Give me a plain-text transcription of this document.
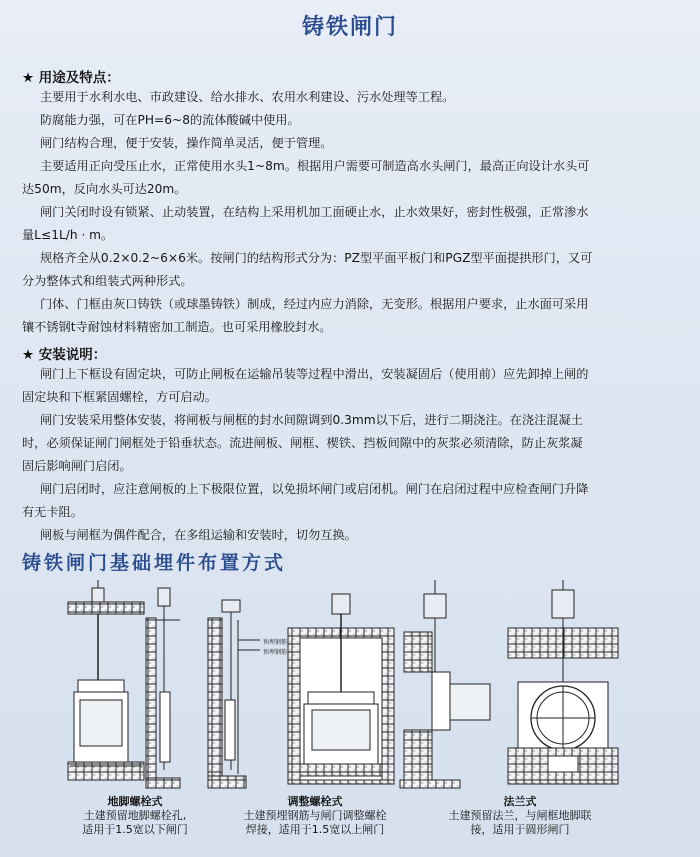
铸铁闸门
★ 用途及特点：
主要用于水利水电、市政建设、给水排水、农用水利建设、污水处理等工程。
防腐能力强，可在PH=6~8的流体酸碱中使用。
闸门结构合理，便于安装，操作简单灵活，便于管理。
主要适用正向受压止水，正常使用水头1~8m。根据用户需要可制造高水头闸门，最高正向设计水头可
达50m，反向水头可达20m。
闸门关闭时设有锁紧、止动装置，在结构上采用机加工面硬止水，止水效果好，密封性极强，正常渗水
量L≤1L/h · m。
规格齐全从0.2×0.2~6×6米。按闸门的结构形式分为：PZ型平面平板门和PGZ型平面提拱形门，又可
分为整体式和组装式两种形式。
门体、门框由灰口铸铁（或球墨铸铁）制成，经过内应力消除，无变形。根据用户要求，止水面可采用
镶不锈钢t寺耐蚀材料精密加工制造。也可采用橡胶封水。
★ 安装说明：
闸门上下框设有固定块，可防止闸板在运输吊装等过程中滑出，安装凝固后（使用前）应先卸掉上闸的
固定块和下框紧固螺栓，方可启动。
闸门安装采用整体安装，将闸板与闸框的封水间隙调到0.3mm以下后，进行二期浇注。在浇注混凝土
时，必须保证闸门闸框处于铅垂状态。流进闸板、闸框、楔铁、挡板间隙中的灰浆必须清除，防止灰浆凝
固后影响闸门启闭。
闸门启闭时，应注意闸板的上下极限位置，以免损坏闸门或启闭机。闸门在启闭过程中应检查闸门升降
有无卡阻。
闸板与闸框为偶件配合，在多组运输和安装时，切勿互换。
铸铁闸门基础埋件布置方式
预埋钢筋
预埋钢筋
地脚螺栓式
土建预留地脚螺栓孔,
适用于1.5宽以下闸门
调整螺栓式
土建预埋钢筋与闸门调整螺栓
焊接，适用于1.5宽以上闸门
法兰式
土建预留法兰，与闸框地脚联
接，适用于圆形闸门
